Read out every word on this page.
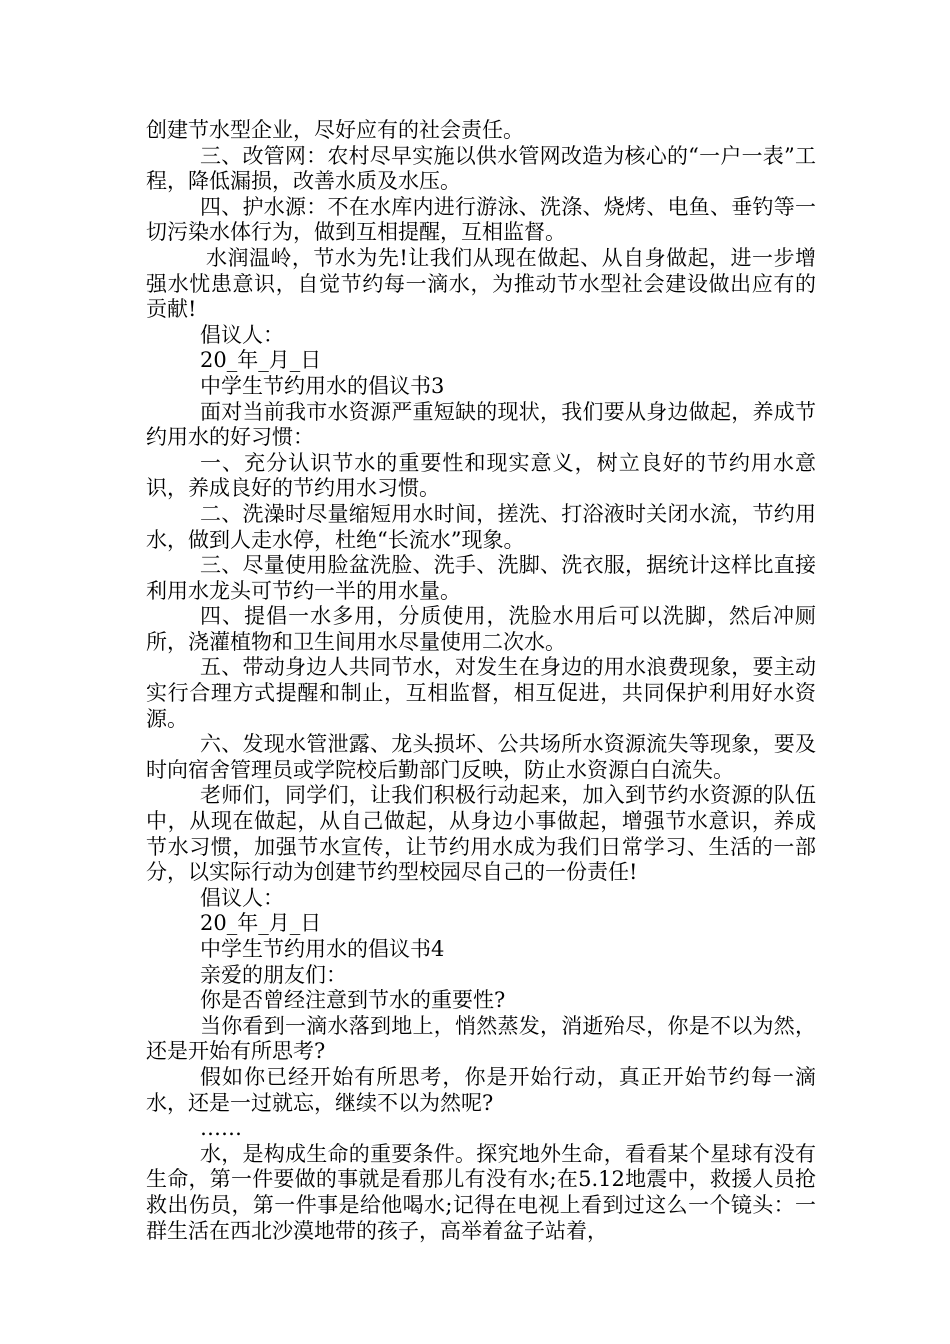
创建节水型企业，尽好应有的社会责任。

三、改管网：农村尽早实施以供水管网改造为核心的“一户一表”工程，降低漏损，改善水质及水压。

四、护水源：不在水库内进行游泳、洗涤、烧烤、电鱼、垂钓等一切污染水体行为，做到互相提醒，互相监督。

水润温岭，节水为先!让我们从现在做起、从自身做起，进一步增强水忧患意识，自觉节约每一滴水，为推动节水型社会建设做出应有的贡献!

倡议人：

20_年_月_日

中学生节约用水的倡议书3

面对当前我市水资源严重短缺的现状，我们要从身边做起，养成节约用水的好习惯：

一、充分认识节水的重要性和现实意义，树立良好的节约用水意识，养成良好的节约用水习惯。

二、洗澡时尽量缩短用水时间，搓洗、打浴液时关闭水流，节约用水，做到人走水停，杜绝“长流水”现象。

三、尽量使用脸盆洗脸、洗手、洗脚、洗衣服，据统计这样比直接利用水龙头可节约一半的用水量。

四、提倡一水多用，分质使用，洗脸水用后可以洗脚，然后冲厕所，浇灌植物和卫生间用水尽量使用二次水。

五、带动身边人共同节水，对发生在身边的用水浪费现象，要主动实行合理方式提醒和制止，互相监督，相互促进，共同保护利用好水资源。

六、发现水管泄露、龙头损坏、公共场所水资源流失等现象，要及时向宿舍管理员或学院校后勤部门反映，防止水资源白白流失。

老师们，同学们，让我们积极行动起来，加入到节约水资源的队伍中，从现在做起，从自己做起，从身边小事做起，增强节水意识，养成节水习惯，加强节水宣传，让节约用水成为我们日常学习、生活的一部分，以实际行动为创建节约型校园尽自己的一份责任!

倡议人：

20_年_月_日

中学生节约用水的倡议书4

亲爱的朋友们：

你是否曾经注意到节水的重要性?

当你看到一滴水落到地上，悄然蒸发，消逝殆尽，你是不以为然，还是开始有所思考?

假如你已经开始有所思考，你是开始行动，真正开始节约每一滴水，还是一过就忘，继续不以为然呢?

……

水，是构成生命的重要条件。探究地外生命，看看某个星球有没有生命，第一件要做的事就是看那儿有没有水;在5.12地震中，救援人员抢救出伤员，第一件事是给他喝水;记得在电视上看到过这么一个镜头：一群生活在西北沙漠地带的孩子，高举着盆子站着，
